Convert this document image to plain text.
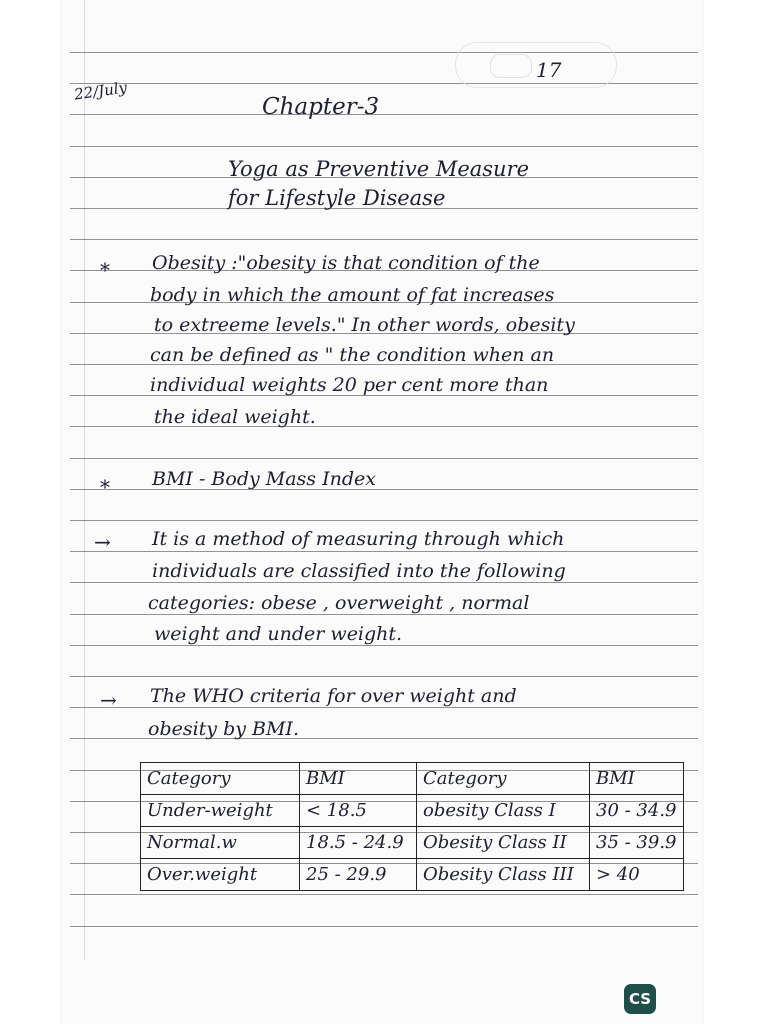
17
22/July
Chapter-3
Yoga as Preventive Measure
for Lifestyle Disease
* Obesity :"obesity is that condition of the
body in which the amount of fat increases
to extreeme levels." In other words, obesity
can be defined as " the condition when an
individual weights 20 per cent more than
the ideal weight.
* BMI - Body Mass Index
→ It is a method of measuring through which
individuals are classified into the following
categories: obese , overweight , normal
weight and under weight.
→ The WHO criteria for over weight and
obesity by BMI.
Category	BMI	Category	BMI
Under-weight	< 18.5	obesity Class I	30 - 34.9
Normal.w	18.5 - 24.9	Obesity Class II	35 - 39.9
Over.weight	25 - 29.9	Obesity Class III	> 40
CS
